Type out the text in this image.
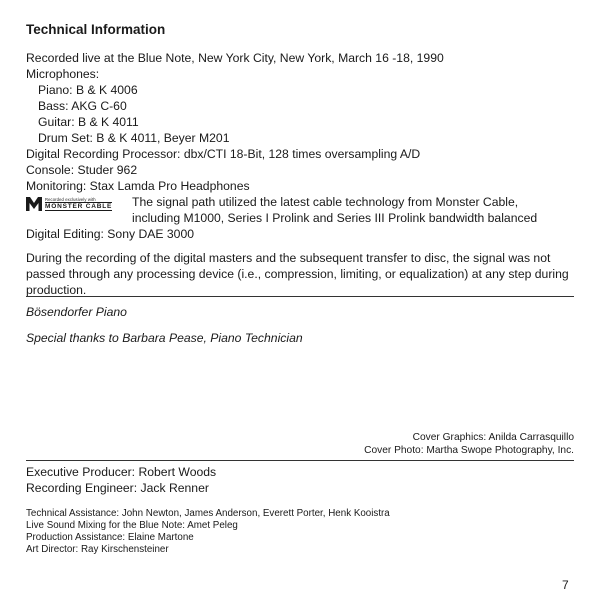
Technical Information
Recorded live at the Blue Note, New York City, New York, March 16 -18, 1990
Microphones:
Piano: B & K 4006
Bass: AKG C-60
Guitar: B & K 4011
Drum Set: B & K 4011, Beyer M201
Digital Recording Processor: dbx/CTI 18-Bit, 128 times oversampling A/D
Console: Studer 962
Monitoring: Stax Lamda Pro Headphones
Recorded exclusively with
MONSTER CABLE The signal path utilized the latest cable technology from Monster Cable,
including M1000, Series I Prolink and Series III Prolink bandwidth balanced
Digital Editing: Sony DAE 3000
During the recording of the digital masters and the subsequent transfer to disc, the signal was not passed through any processing device (i.e., compression, limiting, or equalization) at any step during production.
Bösendorfer Piano
Special thanks to Barbara Pease, Piano Technician
Cover Graphics: Anilda Carrasquillo
Cover Photo: Martha Swope Photography, Inc.
Executive Producer: Robert Woods
Recording Engineer: Jack Renner
Technical Assistance: John Newton, James Anderson, Everett Porter, Henk Kooistra
Live Sound Mixing for the Blue Note: Amet Peleg
Production Assistance: Elaine Martone
Art Director: Ray Kirschensteiner
7
